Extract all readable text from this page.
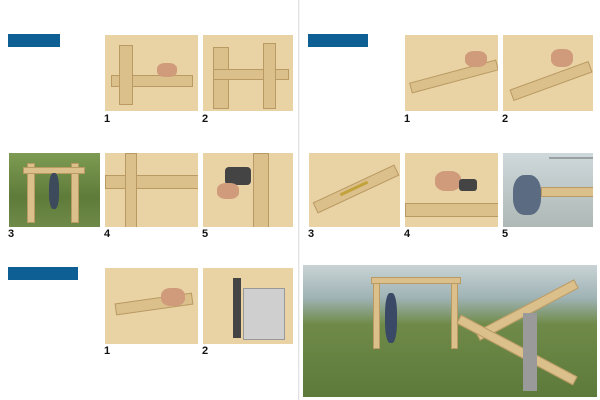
1	2
3	4	5
1	2
1	2
3	4	5
